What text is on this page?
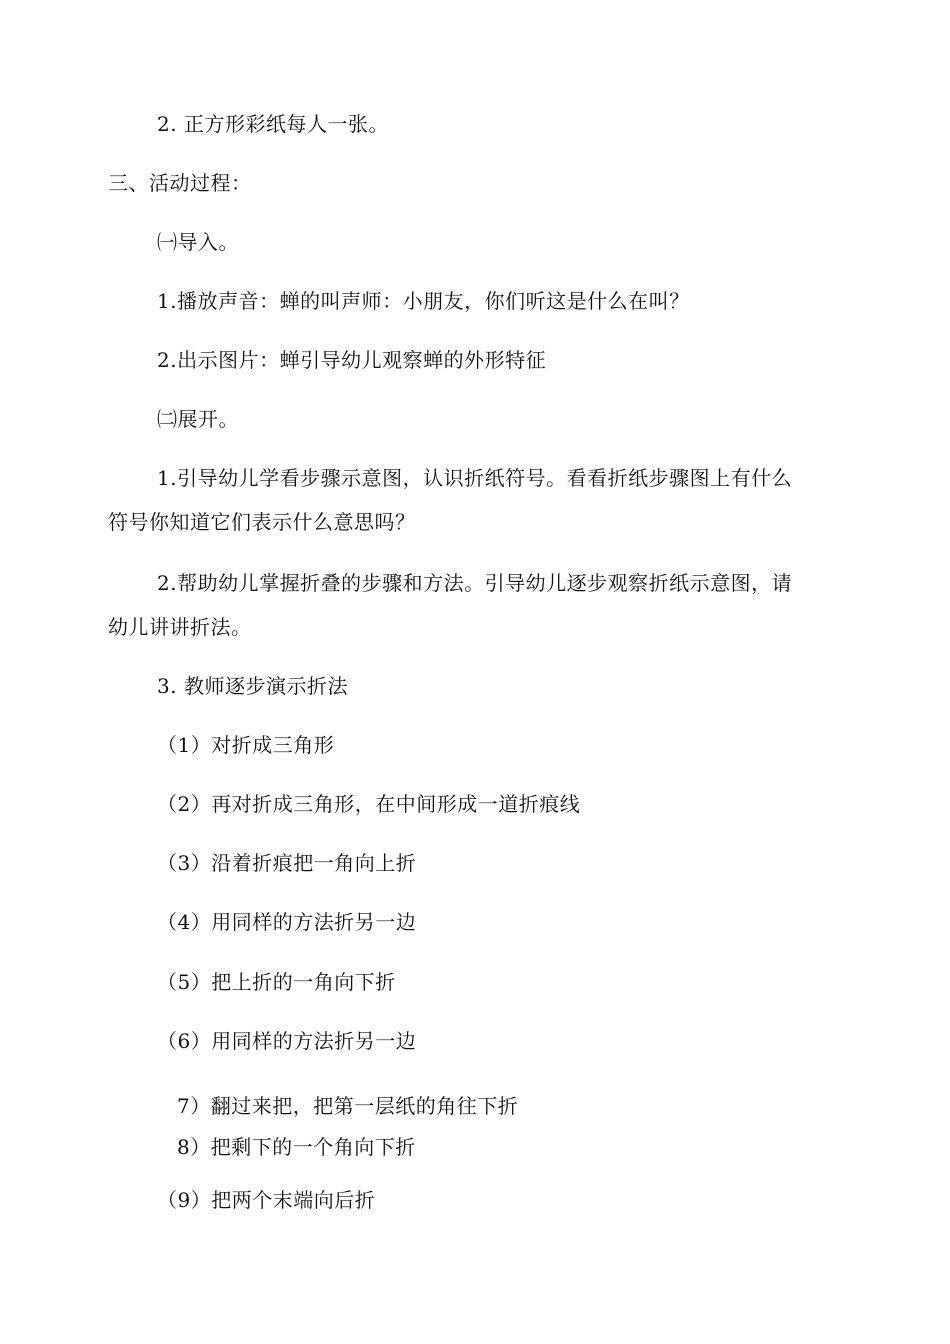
2. 正方形彩纸每人一张。
三、活动过程：
㈠导入。
1.播放声音：蝉的叫声师：小朋友，你们听这是什么在叫？
2.出示图片：蝉引导幼儿观察蝉的外形特征
㈡展开。
1.引导幼儿学看步骤示意图，认识折纸符号。看看折纸步骤图上有什么
符号你知道它们表示什么意思吗？
2.帮助幼儿掌握折叠的步骤和方法。引导幼儿逐步观察折纸示意图，请
幼儿讲讲折法。
3. 教师逐步演示折法
（1）对折成三角形
（2）再对折成三角形，在中间形成一道折痕线
（3）沿着折痕把一角向上折
（4）用同样的方法折另一边
（5）把上折的一角向下折
（6）用同样的方法折另一边
7）翻过来把，把第一层纸的角往下折
8）把剩下的一个角向下折
（9）把两个末端向后折
